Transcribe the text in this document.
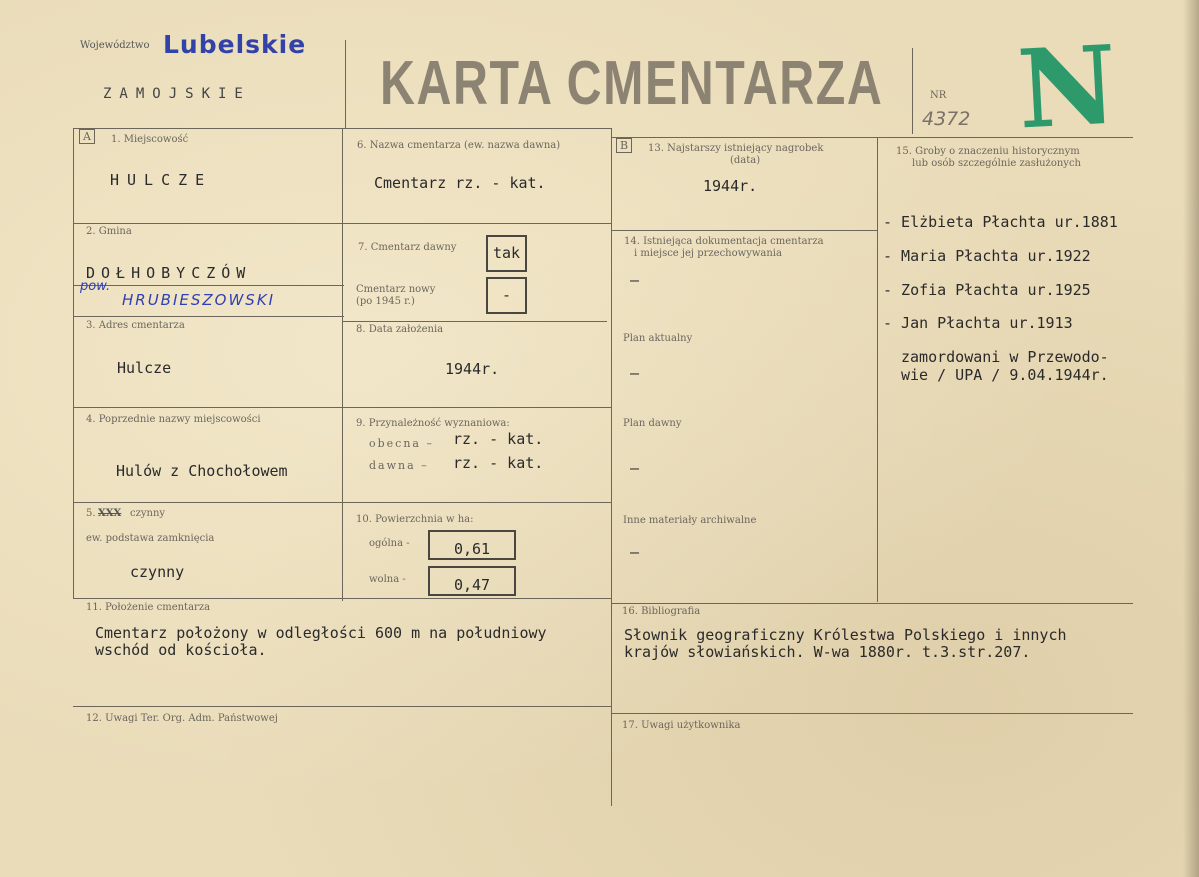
Województwo Lubelskie
ZAMOJSKIE KARTA CMENTARZA	NR
4372 N
A
B
1. Miejscowość
HULCZE
6. Nazwa cmentarza (ew. nazwa dawna)
Cmentarz rz. - kat.
13. Najstarszy istniejący nagrobek
(data)
1944r.
15. Groby o znaczeniu historycznym
lub osób szczególnie zasłużonych
- Elżbieta Płachta ur.1881
- Maria Płachta ur.1922
- Zofia Płachta ur.1925
- Jan Płachta ur.1913
zamordowani w Przewodo-
wie / UPA / 9.04.1944r.
2. Gmina
DOŁHOBYCZÓW
pow.
HRUBIESZOWSKI
7. Cmentarz dawny	tak
Cmentarz nowy
(po 1945 r.)	-
14. Istniejąca dokumentacja cmentarza
i miejsce jej przechowywania
—
Plan aktualny
—
Plan dawny
—
Inne materiały archiwalne
—
3. Adres cmentarza
Hulcze
8. Data założenia
1944r.
4. Poprzednie nazwy miejscowości
Hulów z Chochołowem
9. Przynależność wyznaniowa:
obecna – rz. - kat.
dawna – rz. - kat.
5. XXX czynny
ew. podstawa zamknięcia
czynny
10. Powierzchnia w ha:
ogólna -	0,61
wolna -	0,47
11. Położenie cmentarza
Cmentarz położony w odległości 600 m na południowy
wschód od kościoła.
16. Bibliografia
Słownik geograficzny Królestwa Polskiego i innych
krajów słowiańskich. W-wa 1880r. t.3.str.207.
12. Uwagi Ter. Org. Adm. Państwowej
17. Uwagi użytkownika
